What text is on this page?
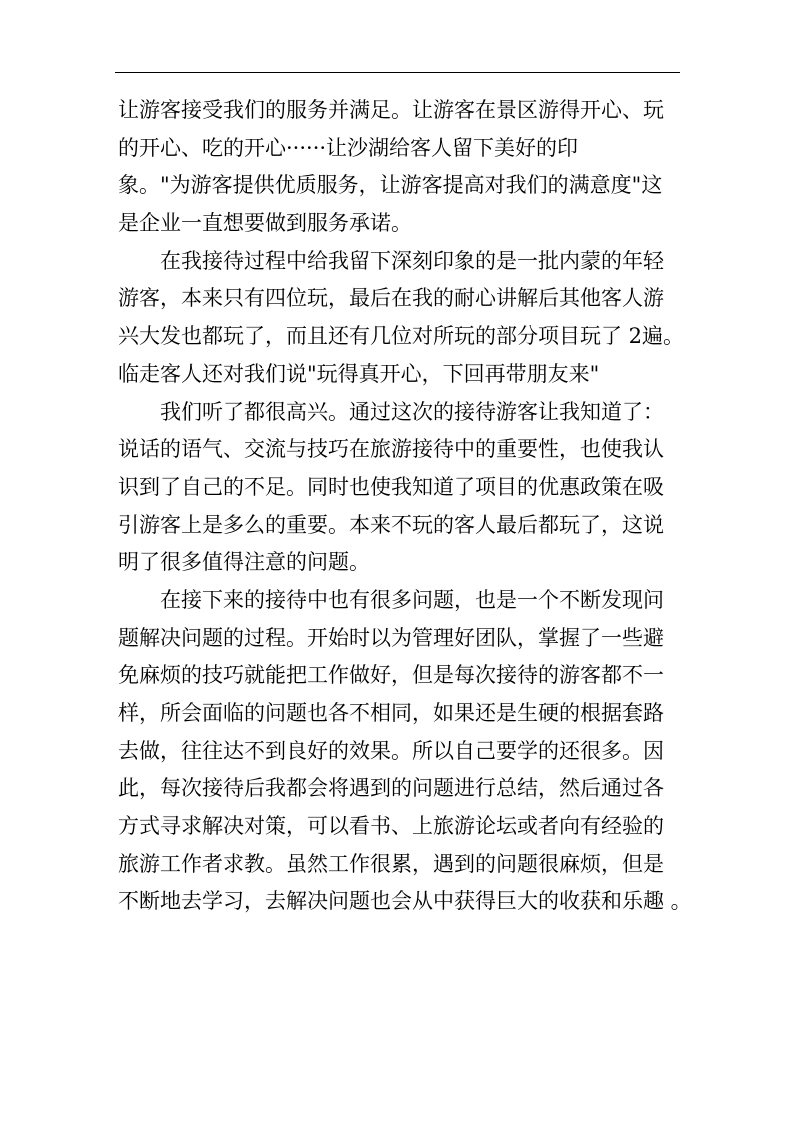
让游客接受我们的服务并满足。让游客在景区游得开心、玩
的开心、吃的开心······让沙湖给客人留下美好的印
象。"为游客提供优质服务，让游客提高对我们的满意度"这
是企业一直想要做到服务承诺。
在我接待过程中给我留下深刻印象的是一批内蒙的年轻
游客，本来只有四位玩，最后在我的耐心讲解后其他客人游
兴大发也都玩了，而且还有几位对所玩的部分项目玩了 2遍。
临走客人还对我们说"玩得真开心，下回再带朋友来"
我们听了都很高兴。通过这次的接待游客让我知道了：
说话的语气、交流与技巧在旅游接待中的重要性，也使我认
识到了自己的不足。同时也使我知道了项目的优惠政策在吸
引游客上是多么的重要。本来不玩的客人最后都玩了，这说
明了很多值得注意的问题。
在接下来的接待中也有很多问题，也是一个不断发现问
题解决问题的过程。开始时以为管理好团队，掌握了一些避
免麻烦的技巧就能把工作做好，但是每次接待的游客都不一
样，所会面临的问题也各不相同，如果还是生硬的根据套路
去做，往往达不到良好的效果。所以自己要学的还很多。因
此，每次接待后我都会将遇到的问题进行总结，然后通过各
方式寻求解决对策，可以看书、上旅游论坛或者向有经验的
旅游工作者求教。虽然工作很累，遇到的问题很麻烦，但是
不断地去学习，去解决问题也会从中获得巨大的收获和乐趣 。
